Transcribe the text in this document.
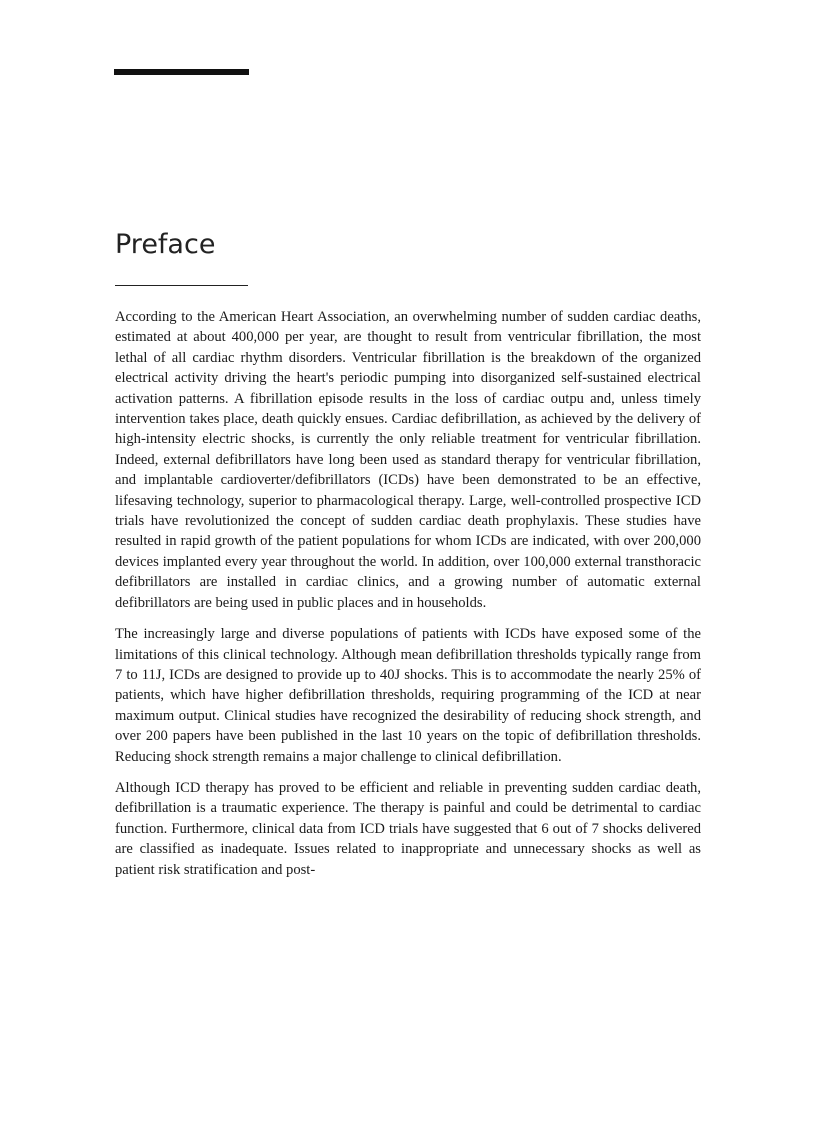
Preface

According to the American Heart Association, an overwhelming number of sudden cardiac deaths, estimated at about 400,000 per year, are thought to result from ventricular fibrillation, the most lethal of all cardiac rhythm disorders. Ventricular fibrillation is the breakdown of the organized electrical activity driving the heart's periodic pumping into disorganized self-sustained electrical activation patterns. A fibrillation episode results in the loss of cardiac outpu and, unless timely intervention takes place, death quickly ensues. Cardiac defibrillation, as achieved by the delivery of high-intensity electric shocks, is currently the only reliable treatment for ventricular fibrillation. Indeed, external defibrillators have long been used as standard therapy for ventricular fibrillation, and implantable cardioverter/defibrillators (ICDs) have been demonstrated to be an effective, lifesaving technology, superior to pharmacological therapy. Large, well-controlled prospective ICD trials have revolutionized the concept of sudden cardiac death prophylaxis. These studies have resulted in rapid growth of the patient populations for whom ICDs are indicated, with over 200,000 devices implanted every year throughout the world. In addition, over 100,000 external transthoracic defibrillators are installed in cardiac clinics, and a growing number of automatic external defibrillators are being used in public places and in households.

The increasingly large and diverse populations of patients with ICDs have exposed some of the limitations of this clinical technology. Although mean defibrillation thresholds typically range from 7 to 11J, ICDs are designed to provide up to 40J shocks. This is to accommodate the nearly 25% of patients, which have higher defibrillation thresholds, requiring programming of the ICD at near maximum output. Clinical studies have recognized the desirability of reducing shock strength, and over 200 papers have been published in the last 10 years on the topic of defibrillation thresholds. Reducing shock strength remains a major challenge to clinical defibrillation.

Although ICD therapy has proved to be efficient and reliable in preventing sudden cardiac death, defibrillation is a traumatic experience. The therapy is painful and could be detrimental to cardiac function. Furthermore, clinical data from ICD trials have suggested that 6 out of 7 shocks delivered are classified as inadequate. Issues related to inappropriate and unnecessary shocks as well as patient risk stratification and post-
